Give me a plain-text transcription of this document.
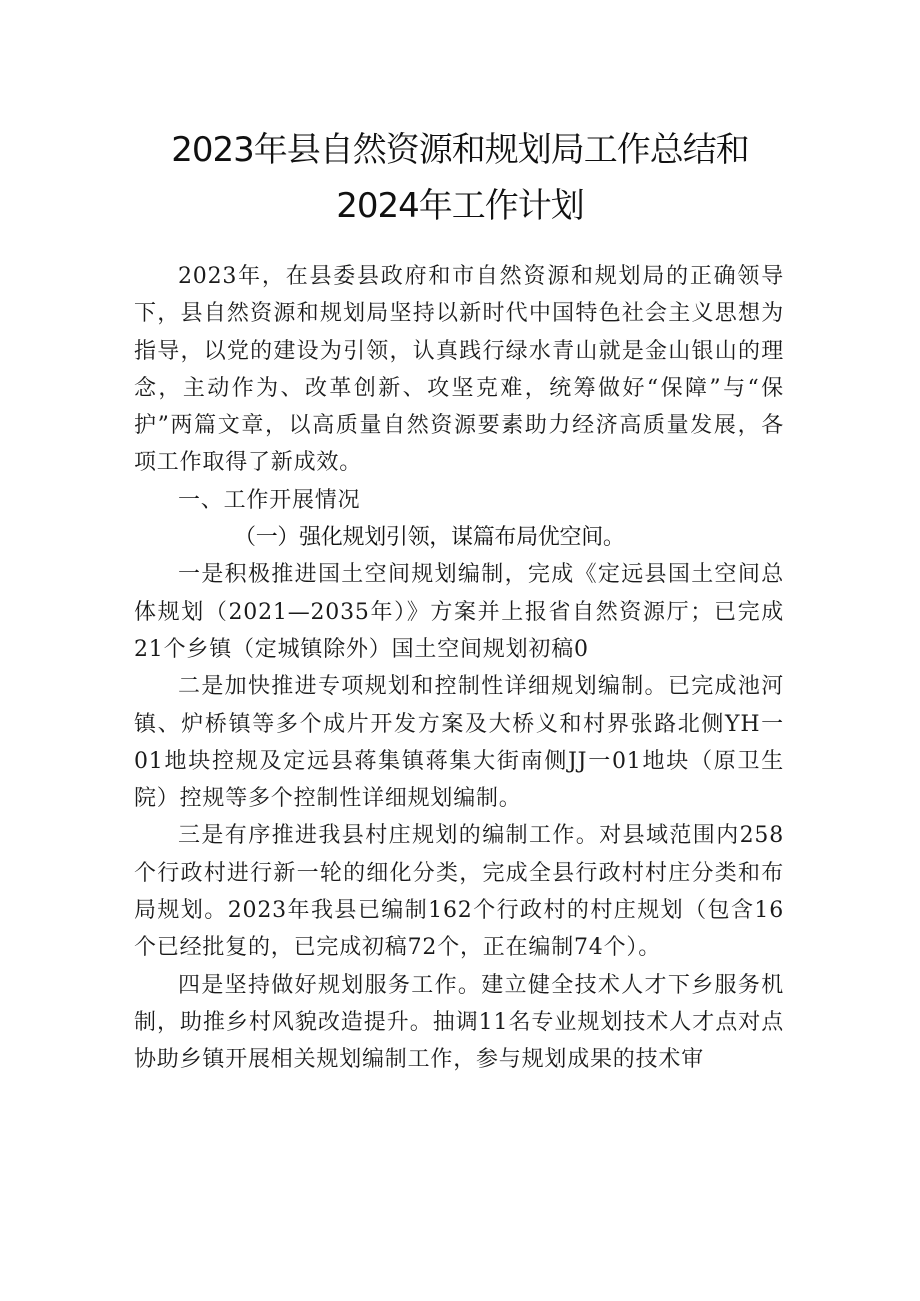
2023年县自然资源和规划局工作总结和
2024年工作计划

2023年，在县委县政府和市自然资源和规划局的正确领导下，县自然资源和规划局坚持以新时代中国特色社会主义思想为指导，以党的建设为引领，认真践行绿水青山就是金山银山的理念，主动作为、改革创新、攻坚克难，统筹做好“保障”与“保护”两篇文章，以高质量自然资源要素助力经济高质量发展，各项工作取得了新成效。

一、工作开展情况

（一）强化规划引领，谋篇布局优空间。

一是积极推进国土空间规划编制，完成《定远县国土空间总体规划（2021—2035年）》方案并上报省自然资源厅；已完成21个乡镇（定城镇除外）国土空间规划初稿0

二是加快推进专项规划和控制性详细规划编制。已完成池河镇、炉桥镇等多个成片开发方案及大桥义和村界张路北侧YH一01地块控规及定远县蒋集镇蒋集大街南侧JJ一01地块（原卫生院）控规等多个控制性详细规划编制。

三是有序推进我县村庄规划的编制工作。对县域范围内258个行政村进行新一轮的细化分类，完成全县行政村村庄分类和布局规划。2023年我县已编制162个行政村的村庄规划（包含16个已经批复的，已完成初稿72个，正在编制74个）。

四是坚持做好规划服务工作。建立健全技术人才下乡服务机制，助推乡村风貌改造提升。抽调11名专业规划技术人才点对点协助乡镇开展相关规划编制工作，参与规划成果的技术审
